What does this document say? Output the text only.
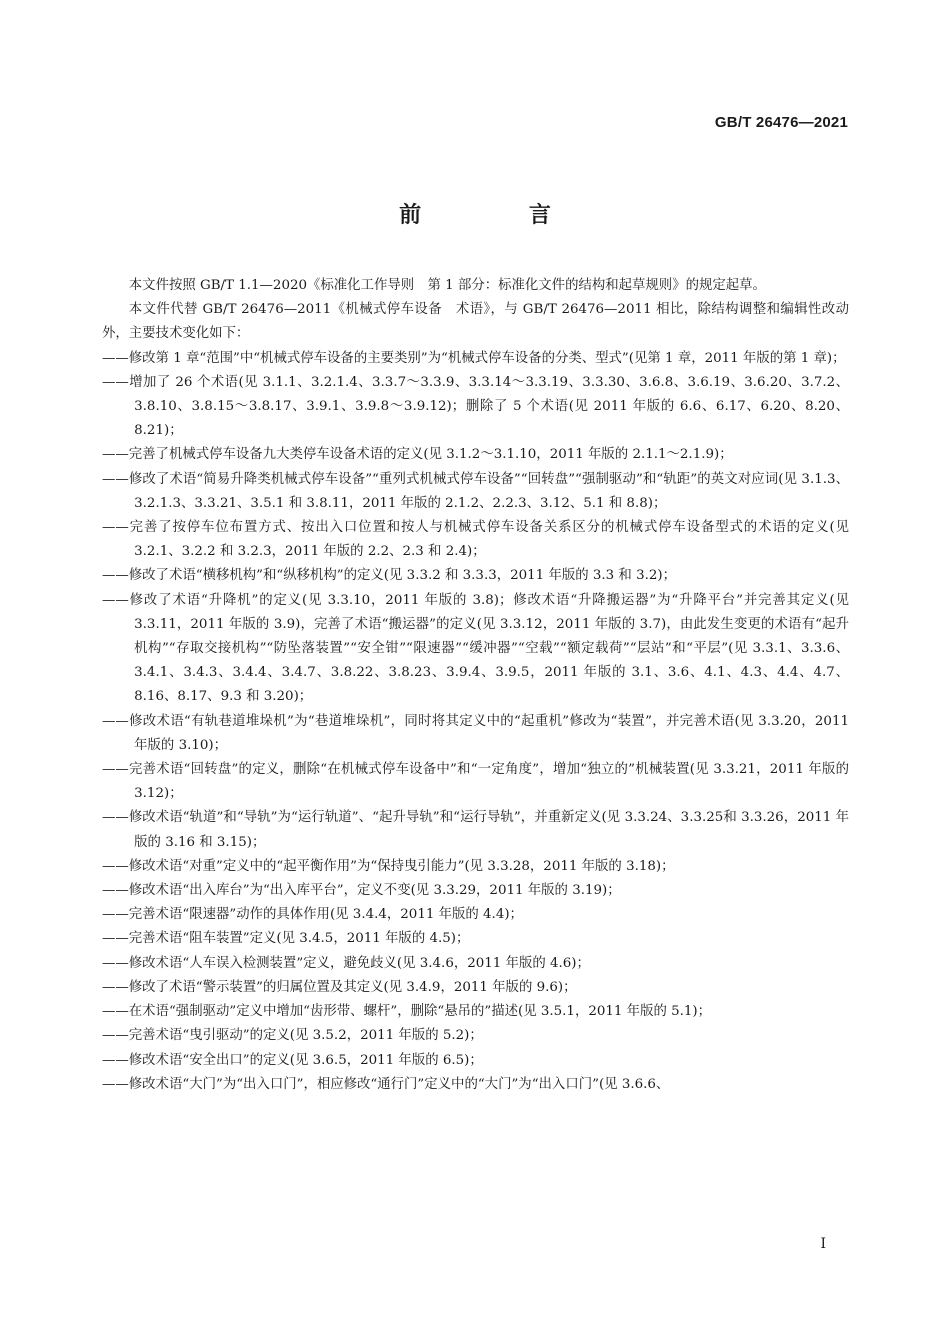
GB/T 26476—2021
前 言

本文件按照 GB/T 1.1—2020《标准化工作导则　第 1 部分：标准化文件的结构和起草规则》的规定起草。

本文件代替 GB/T 26476—2011《机械式停车设备　术语》，与 GB/T 26476—2011 相比，除结构调整和编辑性改动外，主要技术变化如下：

——修改第 1 章“范围”中“机械式停车设备的主要类别”为“机械式停车设备的分类、型式”(见第 1 章，2011 年版的第 1 章)；

——增加了 26 个术语(见 3.1.1、3.2.1.4、3.3.7～3.3.9、3.3.14～3.3.19、3.3.30、3.6.8、3.6.19、3.6.20、3.7.2、3.8.10、3.8.15～3.8.17、3.9.1、3.9.8～3.9.12)；删除了 5 个术语(见 2011 年版的 6.6、6.17、6.20、8.20、8.21)；

——完善了机械式停车设备九大类停车设备术语的定义(见 3.1.2～3.1.10，2011 年版的 2.1.1～2.1.9)；

——修改了术语“简易升降类机械式停车设备”“重列式机械式停车设备”“回转盘”“强制驱动”和“轨距”的英文对应词(见 3.1.3、3.2.1.3、3.3.21、3.5.1 和 3.8.11，2011 年版的 2.1.2、2.2.3、3.12、5.1 和 8.8)；

——完善了按停车位布置方式、按出入口位置和按人与机械式停车设备关系区分的机械式停车设备型式的术语的定义(见 3.2.1、3.2.2 和 3.2.3，2011 年版的 2.2、2.3 和 2.4)；

——修改了术语“横移机构”和“纵移机构”的定义(见 3.3.2 和 3.3.3，2011 年版的 3.3 和 3.2)；

——修改了术语“升降机”的定义(见 3.3.10，2011 年版的 3.8)；修改术语“升降搬运器”为“升降平台”并完善其定义(见 3.3.11，2011 年版的 3.9)，完善了术语“搬运器”的定义(见 3.3.12，2011 年版的 3.7)，由此发生变更的术语有“起升机构”“存取交接机构”“防坠落装置”“安全钳”“限速器”“缓冲器”“空载”“额定载荷”“层站”和“平层”(见 3.3.1、3.3.6、3.4.1、3.4.3、3.4.4、3.4.7、3.8.22、3.8.23、3.9.4、3.9.5，2011 年版的 3.1、3.6、4.1、4.3、4.4、4.7、8.16、8.17、9.3 和 3.20)；

——修改术语“有轨巷道堆垛机”为“巷道堆垛机”，同时将其定义中的“起重机”修改为“装置”，并完善术语(见 3.3.20，2011 年版的 3.10)；

——完善术语“回转盘”的定义，删除“在机械式停车设备中”和“一定角度”，增加“独立的”机械装置(见 3.3.21，2011 年版的 3.12)；

——修改术语“轨道”和“导轨”为“运行轨道”、“起升导轨”和“运行导轨”，并重新定义(见 3.3.24、3.3.25和 3.3.26，2011 年版的 3.16 和 3.15)；

——修改术语“对重”定义中的“起平衡作用”为“保持曳引能力”(见 3.3.28，2011 年版的 3.18)；

——修改术语“出入库台”为“出入库平台”，定义不变(见 3.3.29，2011 年版的 3.19)；

——完善术语“限速器”动作的具体作用(见 3.4.4，2011 年版的 4.4)；

——完善术语“阻车装置”定义(见 3.4.5，2011 年版的 4.5)；

——修改术语“人车误入检测装置”定义，避免歧义(见 3.4.6，2011 年版的 4.6)；

——修改了术语“警示装置”的归属位置及其定义(见 3.4.9，2011 年版的 9.6)；

——在术语“强制驱动”定义中增加“齿形带、螺杆”，删除“悬吊的”描述(见 3.5.1，2011 年版的 5.1)；

——完善术语“曳引驱动”的定义(见 3.5.2，2011 年版的 5.2)；

——修改术语“安全出口”的定义(见 3.6.5，2011 年版的 6.5)；

——修改术语“大门”为“出入口门”，相应修改“通行门”定义中的“大门”为“出入口门”(见 3.6.6、

I
